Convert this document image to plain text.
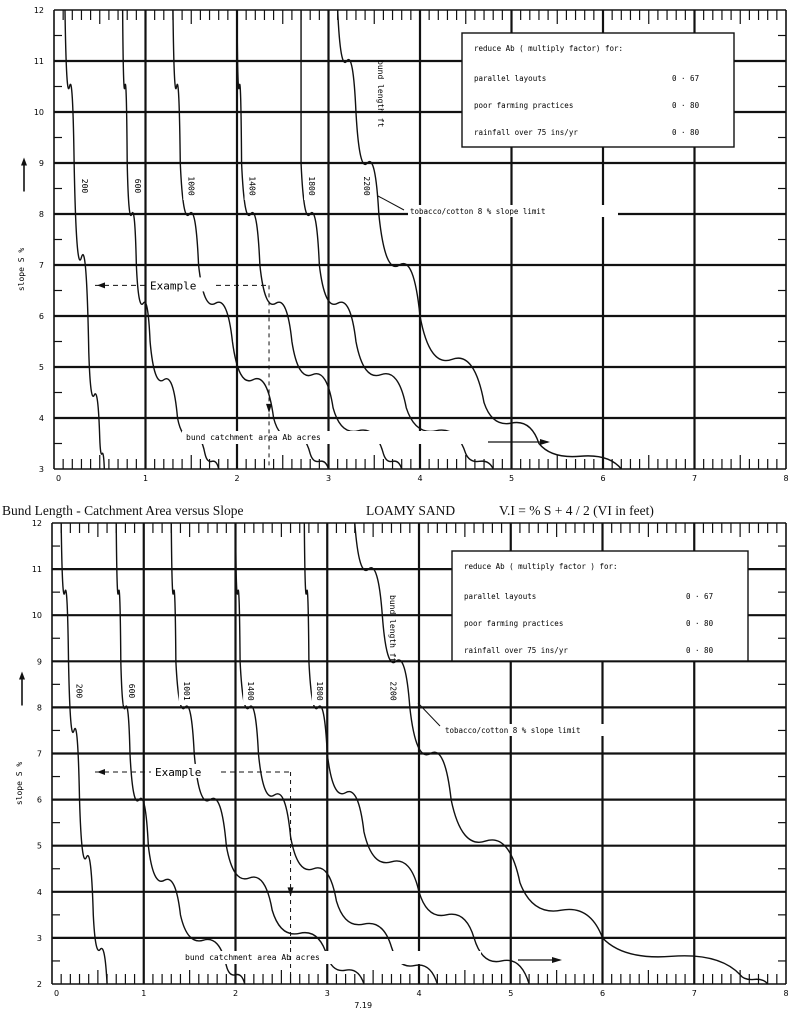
0	1	2	3	4	5	6	7	8
3
4
5
6
7
8
9
10
11
12
slope S %
200	600	1000	1400	1800	2200
bund length ft
tobacco/cotton 8 % slope limit
bund catchment area Ab acres
Example
reduce Ab ( multiply factor) for:
parallel layouts	0 · 67
poor farming practices	0 · 80
rainfall over 75 ins/yr	0 · 80
Bund Length - Catchment Area versus Slope	LOAMY SAND	V.I = % S + 4 / 2 (VI in feet)
0	1	2	3	4	5	6	7	8
2
3
4
5
6
7
8
9
10
11
12
slope S %
7.19
200	600	1001	1400	1800	2200
bund length ft
tobacco/cotton 8 % slope limit
bund catchment area Ab acres
Example
reduce Ab ( multiply factor ) for:
parallel layouts	0 · 67
poor farming practices	0 · 80
rainfall over 75 ins/yr	0 · 80
